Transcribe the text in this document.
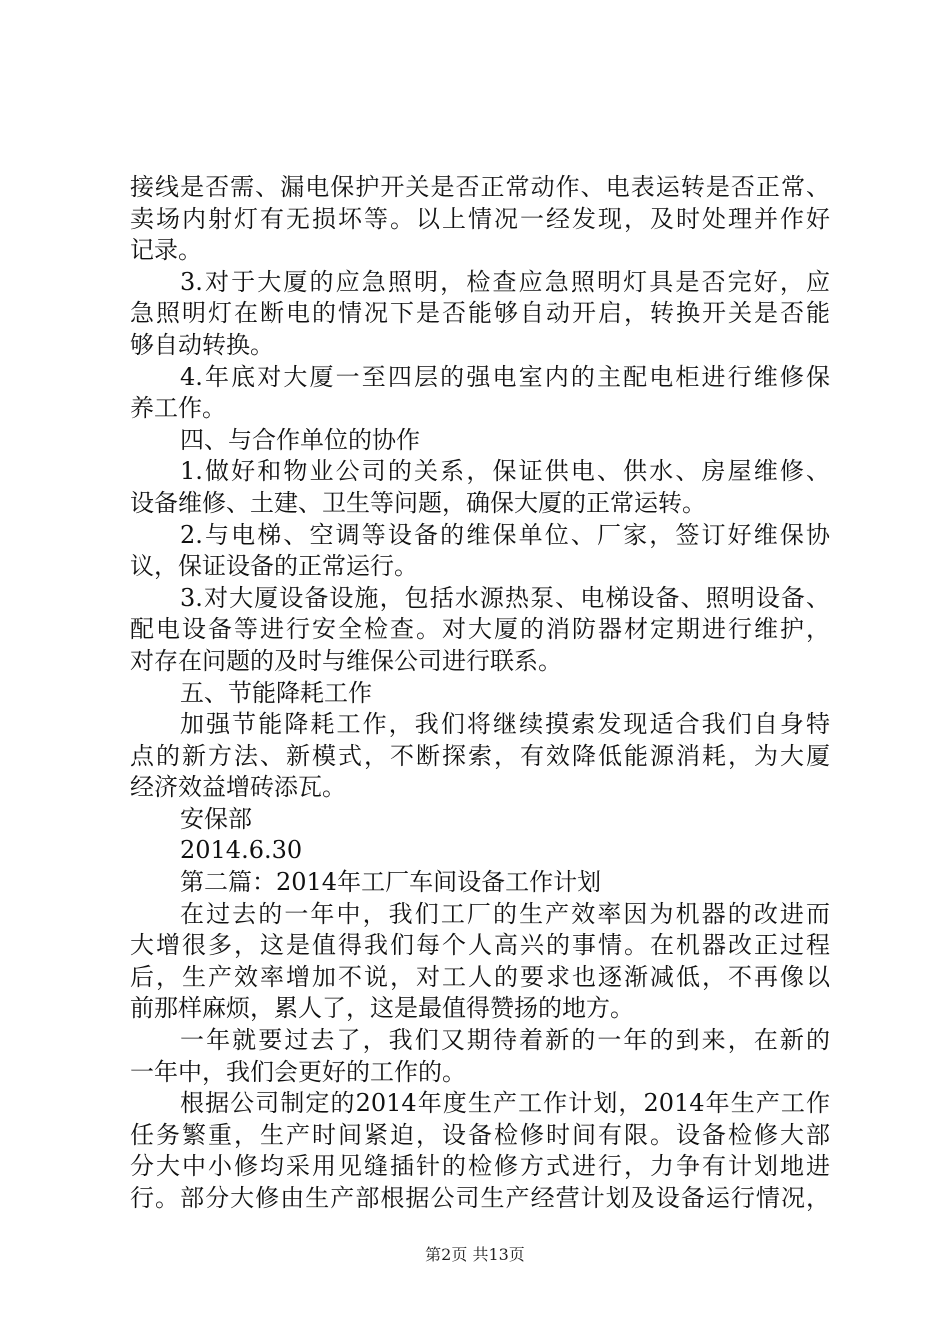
接线是否需、漏电保护开关是否正常动作、电表运转是否正常、
卖场内射灯有无损坏等。以上情况一经发现，及时处理并作好
记录。
3.对于大厦的应急照明，检查应急照明灯具是否完好，应
急照明灯在断电的情况下是否能够自动开启，转换开关是否能
够自动转换。
4.年底对大厦一至四层的强电室内的主配电柜进行维修保
养工作。
四、与合作单位的协作
1.做好和物业公司的关系，保证供电、供水、房屋维修、
设备维修、土建、卫生等问题，确保大厦的正常运转。
2.与电梯、空调等设备的维保单位、厂家，签订好维保协
议，保证设备的正常运行。
3.对大厦设备设施，包括水源热泵、电梯设备、照明设备、
配电设备等进行安全检查。对大厦的消防器材定期进行维护，
对存在问题的及时与维保公司进行联系。
五、节能降耗工作
加强节能降耗工作，我们将继续摸索发现适合我们自身特
点的新方法、新模式，不断探索，有效降低能源消耗，为大厦
经济效益增砖添瓦。
安保部
2014.6.30
第二篇：2014年工厂车间设备工作计划
在过去的一年中，我们工厂的生产效率因为机器的改进而
大增很多，这是值得我们每个人高兴的事情。在机器改正过程
后，生产效率增加不说，对工人的要求也逐渐减低，不再像以
前那样麻烦，累人了，这是最值得赞扬的地方。
一年就要过去了，我们又期待着新的一年的到来，在新的
一年中，我们会更好的工作的。
根据公司制定的2014年度生产工作计划，2014年生产工作
任务繁重，生产时间紧迫，设备检修时间有限。设备检修大部
分大中小修均采用见缝插针的检修方式进行，力争有计划地进
行。部分大修由生产部根据公司生产经营计划及设备运行情况，
第2页 共13页
